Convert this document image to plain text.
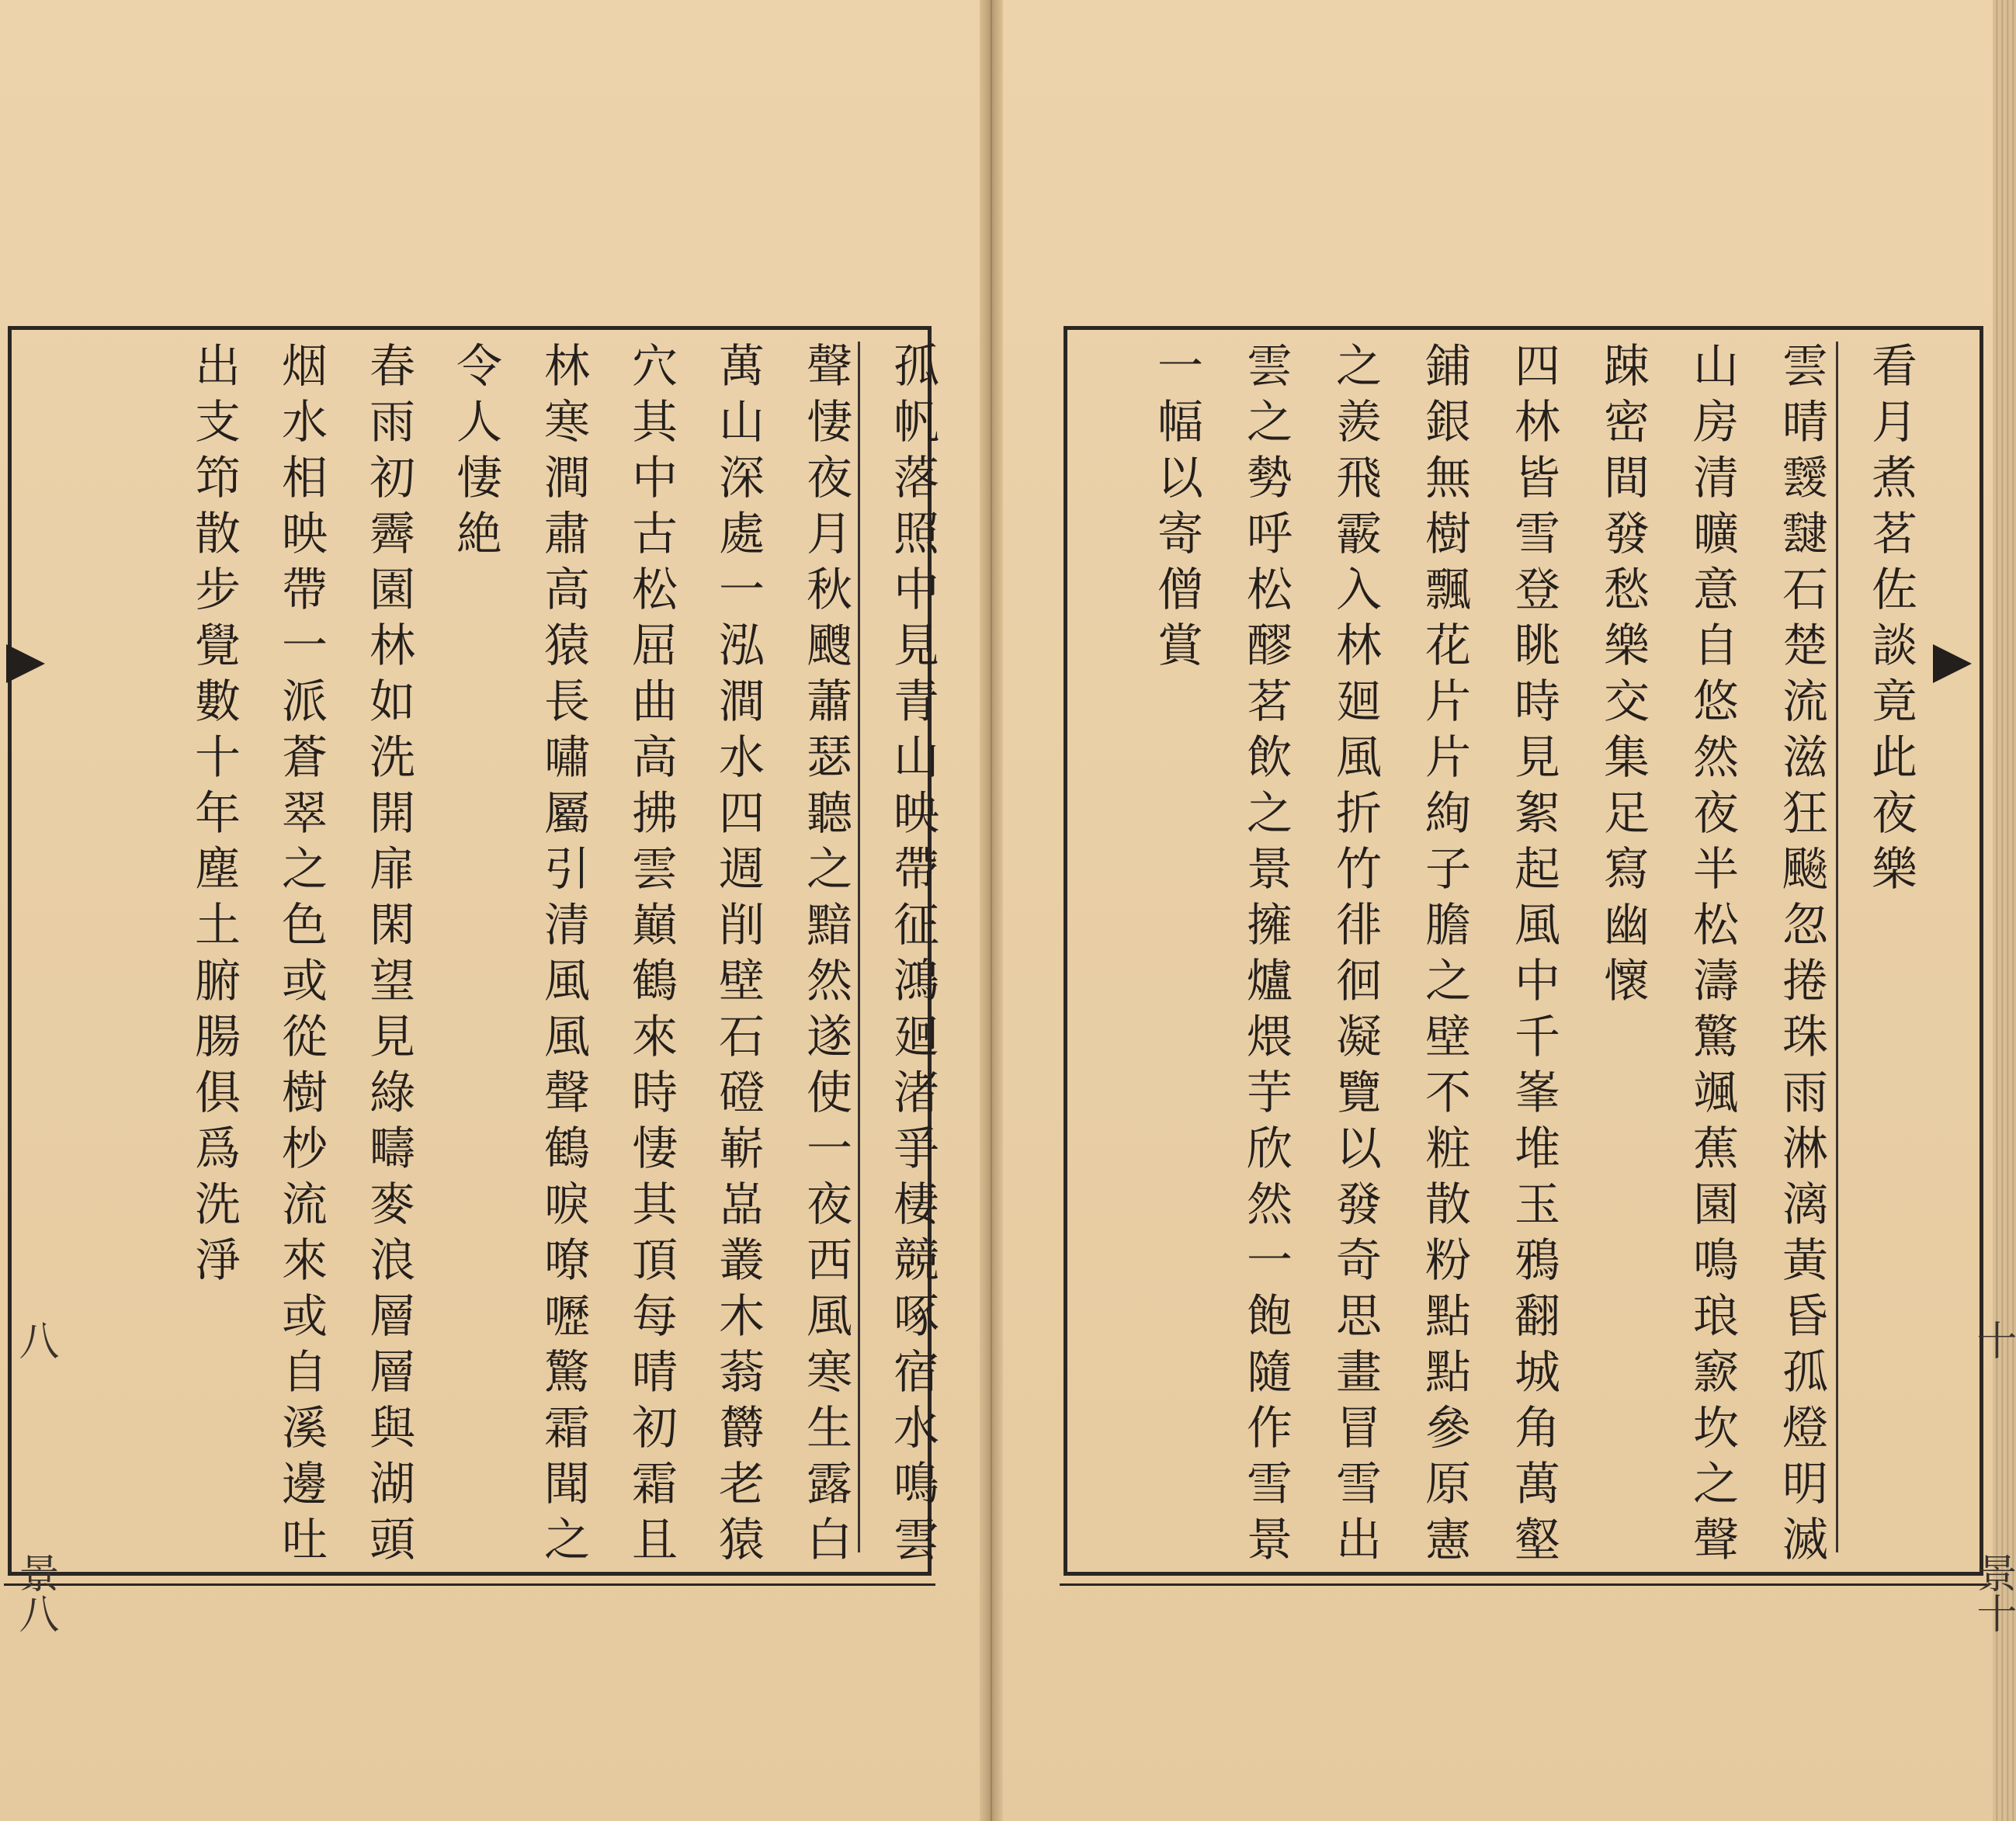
孤帆落照中見青山映帶征鴻廻渚爭棲競啄宿水鳴雲
聲悽夜月秋颼蕭瑟聽之黯然遂使一夜西風寒生露白
萬山深處一泓澗水四週削壁石磴嶄嵓叢木蓊欝老猿
穴其中古松屈曲高拂雲巔鶴來時悽其頂每晴初霜且
林寒澗肅高猿長嘯屬引清風風聲鶴唳嘹嚦驚霜聞之
令人悽絶
春雨初霽園林如洗開扉閑望見綠疇麥浪層層與湖頭
烟水相映帶一派蒼翠之色或從樹杪流來或自溪邊吐
出支笻散步覺數十年塵土腑腸俱爲洗淨	看月煮茗佐談竟此夜樂
雲晴靉靆石楚流滋狂飈忽捲珠雨淋漓黃昏孤燈明滅
山房清曠意自悠然夜半松濤驚颯蕉園鳴琅窾坎之聲
踈密間發愁樂交集足寫幽懷
四林皆雪登眺時見絮起風中千峯堆玉鴉翻城角萬壑
鋪銀無樹飄花片片絢子膽之壁不粧散粉點點參原憲
之羨飛霰入林廻風折竹徘徊凝覽以發奇思畫冒雪出
雲之勢呼松醪茗飲之景擁爐煨芋欣然一飽隨作雪景
一幅以寄僧賞
八
景八
十
景十
